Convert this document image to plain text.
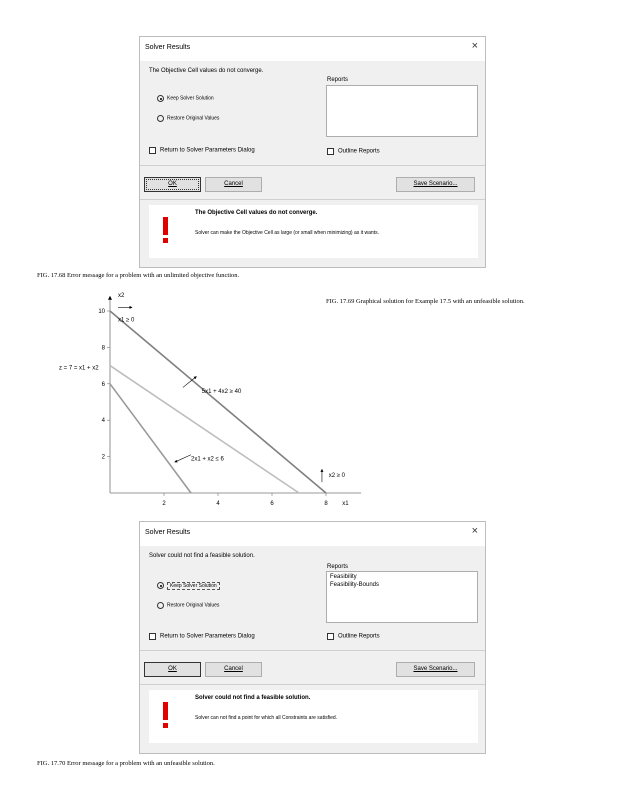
Solver Results	×
The Objective Cell values do not converge.
Reports
Keep Solver Solution
Restore Original Values
Return to Solver Parameters Dialog	Outline Reports
OK	Cancel	Save Scenario...
The Objective Cell values do not converge.
Solver can make the Objective Cell as large (or small when minimizing) as it wants.
FIG. 17.68 Error message for a problem with an unlimited objective function.
2	4	6	8
2
4
6
8
10
x2
x1
x1 ≥ 0
z = 7 = x1 + x2
5x1 + 4x2 ≥ 40
2x1 + x2 ≤ 6
x2 ≥ 0
FIG. 17.69 Graphical solution for Example 17.5 with an unfeasible solution.
Solver Results	×
Solver could not find a feasible solution.
Reports
Feasibility
Feasibility-Bounds
Keep Solver Solution
Restore Original Values
Return to Solver Parameters Dialog	Outline Reports
OK	Cancel	Save Scenario...
Solver could not find a feasible solution.
Solver can not find a point for which all Constraints are satisfied.
FIG. 17.70 Error message for a problem with an unfeasible solution.
